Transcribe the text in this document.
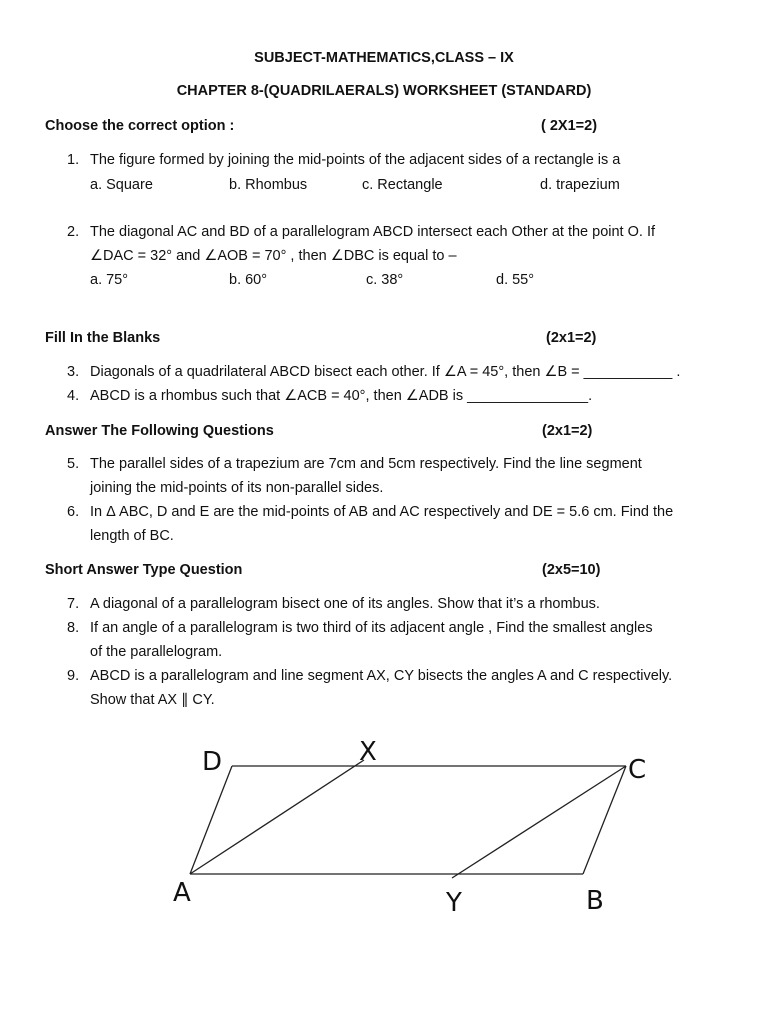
SUBJECT-MATHEMATICS,CLASS – IX
CHAPTER 8-(QUADRILAERALS) WORKSHEET (STANDARD)
Choose the correct option :	( 2X1=2)
1. The figure formed by joining the mid-points of the adjacent sides of a rectangle is a
a. Square	b. Rhombus	c. Rectangle	d. trapezium
2. The diagonal AC and BD of a parallelogram ABCD intersect each Other at the point O. If
∠DAC = 32° and ∠AOB = 70° , then ∠DBC is equal to –
a. 75°	b. 60°	c. 38°	d. 55°
Fill In the Blanks	(2x1=2)
3. Diagonals of a quadrilateral ABCD bisect each other. If ∠A = 45°, then ∠B = ___________ .
4. ABCD is a rhombus such that ∠ACB = 40°, then ∠ADB is _______________.
Answer The Following Questions	(2x1=2)
5. The parallel sides of a trapezium are 7cm and 5cm respectively. Find the line segment
joining the mid-points of its non-parallel sides.
6. In Δ ABC, D and E are the mid-points of AB and AC respectively and DE = 5.6 cm. Find the
length of BC.
Short Answer Type Question	(2x5=10)
7. A diagonal of a parallelogram bisect one of its angles. Show that it’s a rhombus.
8. If an angle of a parallelogram is two third of its adjacent angle , Find the smallest angles
of the parallelogram.
9. ABCD is a parallelogram and line segment AX, CY bisects the angles A and C respectively.
Show that AX ∥ CY.
D	X
C
A	Y	B
